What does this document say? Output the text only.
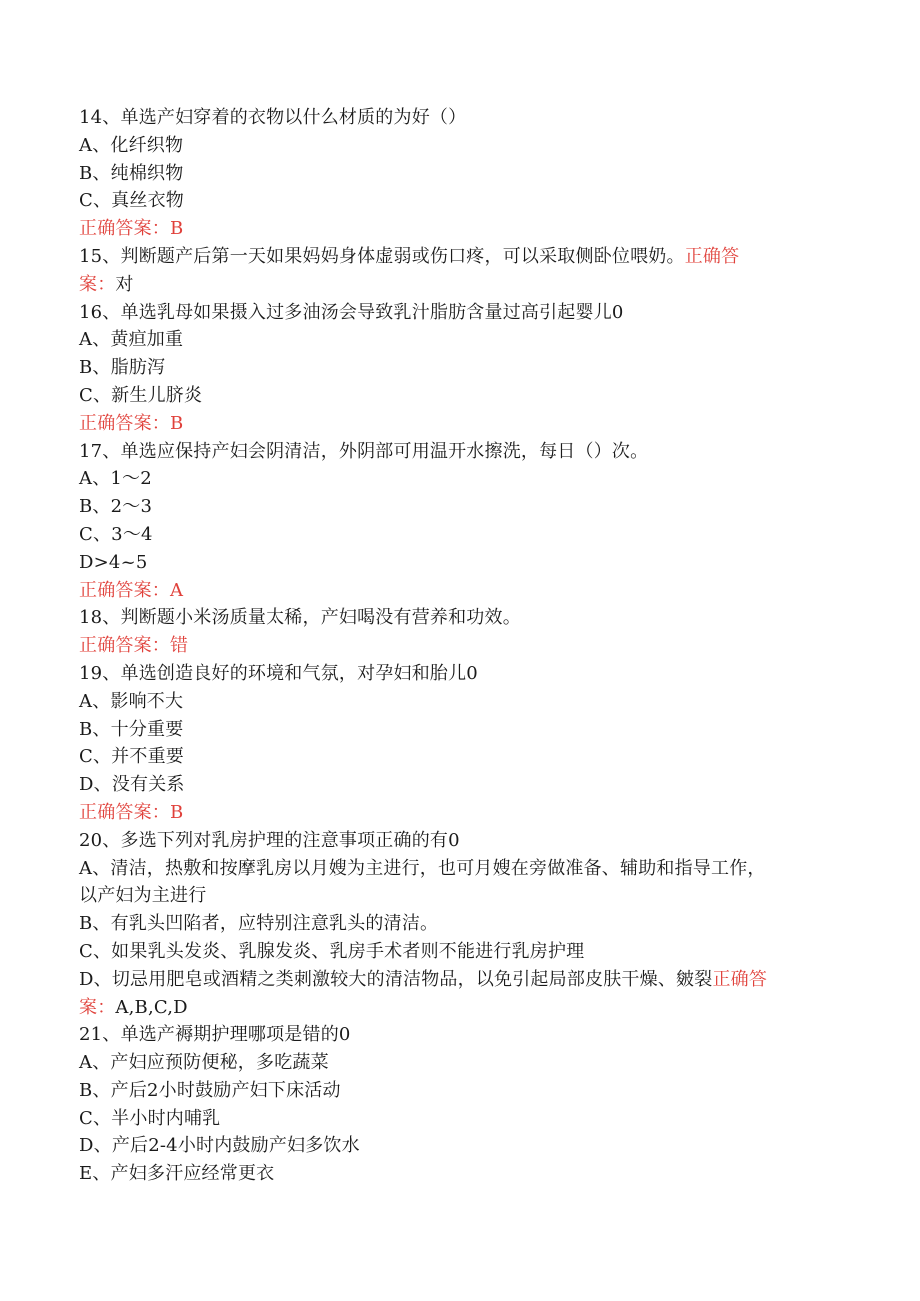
14、单选产妇穿着的衣物以什么材质的为好（）
A、化纤织物
B、纯棉织物
C、真丝衣物
正确答案：B
15、判断题产后第一天如果妈妈身体虚弱或伤口疼，可以采取侧卧位喂奶。正确答
案：对
16、单选乳母如果摄入过多油汤会导致乳汁脂肪含量过高引起婴儿0
A、黄疸加重
B、脂肪泻
C、新生儿脐炎
正确答案：B
17、单选应保持产妇会阴清洁，外阴部可用温开水擦洗，每日（）次。
A、1～2
B、2～3
C、3～4
D>4~5
正确答案：A
18、判断题小米汤质量太稀，产妇喝没有营养和功效。
正确答案：错
19、单选创造良好的环境和气氛，对孕妇和胎儿0
A、影响不大
B、十分重要
C、并不重要
D、没有关系
正确答案：B
20、多选下列对乳房护理的注意事项正确的有0
A、清洁，热敷和按摩乳房以月嫂为主进行，也可月嫂在旁做准备、辅助和指导工作，
以产妇为主进行
B、有乳头凹陷者，应特别注意乳头的清洁。
C、如果乳头发炎、乳腺发炎、乳房手术者则不能进行乳房护理
D、切忌用肥皂或酒精之类刺激较大的清洁物品，以免引起局部皮肤干燥、皴裂正确答
案：A,B,C,D
21、单选产褥期护理哪项是错的0
A、产妇应预防便秘，多吃蔬菜
B、产后2小时鼓励产妇下床活动
C、半小时内哺乳
D、产后2-4小时内鼓励产妇多饮水
E、产妇多汗应经常更衣
